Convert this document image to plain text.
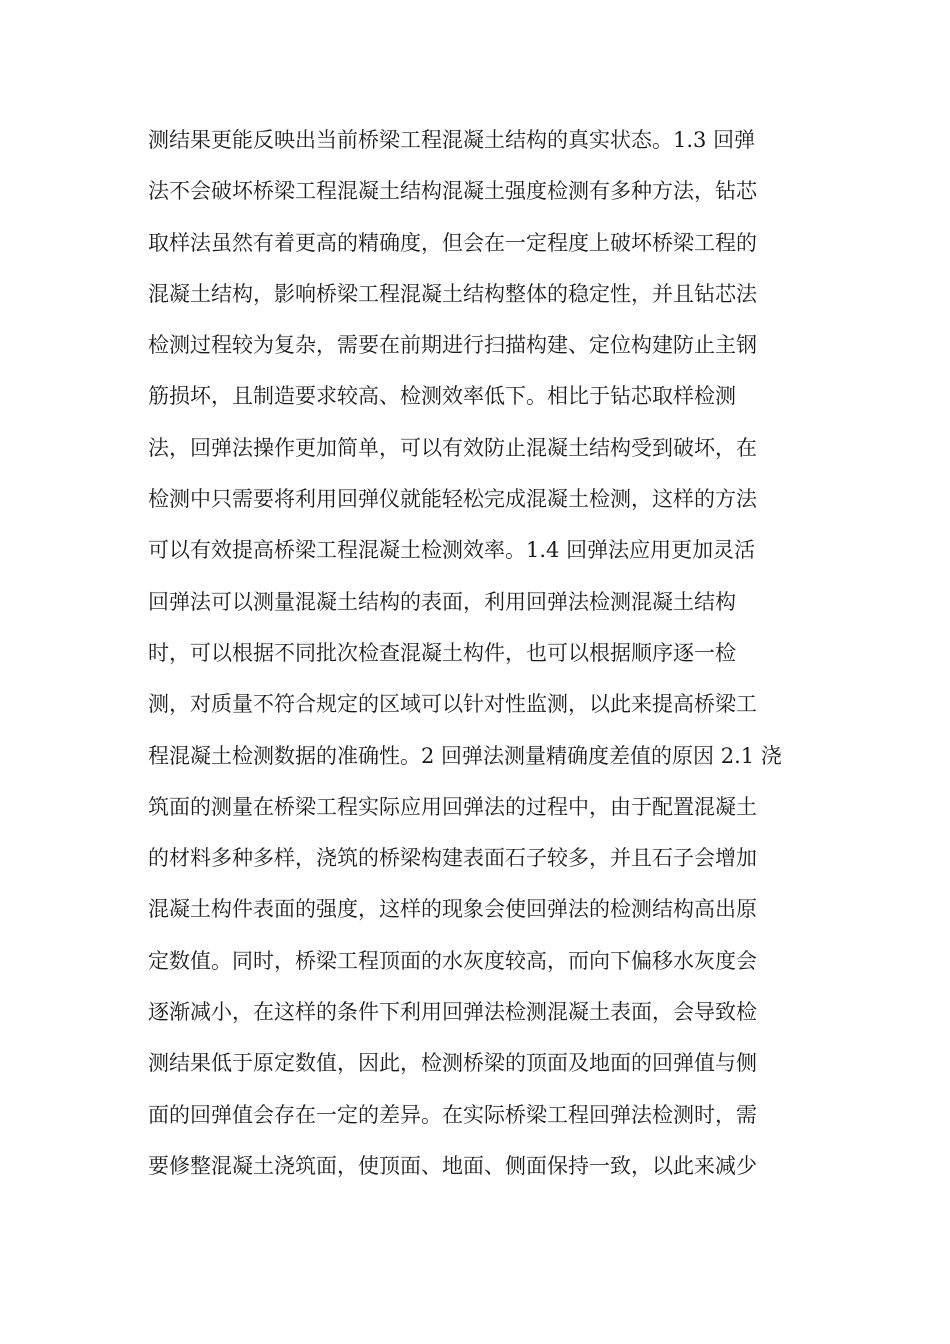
测结果更能反映出当前桥梁工程混凝土结构的真实状态。1.3 回弹
法不会破坏桥梁工程混凝土结构混凝土强度检测有多种方法，钻芯
取样法虽然有着更高的精确度，但会在一定程度上破坏桥梁工程的
混凝土结构，影响桥梁工程混凝土结构整体的稳定性，并且钻芯法
检测过程较为复杂，需要在前期进行扫描构建、定位构建防止主钢
筋损坏，且制造要求较高、检测效率低下。相比于钻芯取样检测
法，回弹法操作更加简单，可以有效防止混凝土结构受到破坏，在
检测中只需要将利用回弹仪就能轻松完成混凝土检测，这样的方法
可以有效提高桥梁工程混凝土检测效率。1.4 回弹法应用更加灵活
回弹法可以测量混凝土结构的表面，利用回弹法检测混凝土结构
时，可以根据不同批次检查混凝土构件，也可以根据顺序逐一检
测，对质量不符合规定的区域可以针对性监测，以此来提高桥梁工
程混凝土检测数据的准确性。2 回弹法测量精确度差值的原因 2.1 浇
筑面的测量在桥梁工程实际应用回弹法的过程中，由于配置混凝土
的材料多种多样，浇筑的桥梁构建表面石子较多，并且石子会增加
混凝土构件表面的强度，这样的现象会使回弹法的检测结构高出原
定数值。同时，桥梁工程顶面的水灰度较高，而向下偏移水灰度会
逐渐减小，在这样的条件下利用回弹法检测混凝土表面，会导致检
测结果低于原定数值，因此，检测桥梁的顶面及地面的回弹值与侧
面的回弹值会存在一定的差异。在实际桥梁工程回弹法检测时，需
要修整混凝土浇筑面，使顶面、地面、侧面保持一致，以此来减少
